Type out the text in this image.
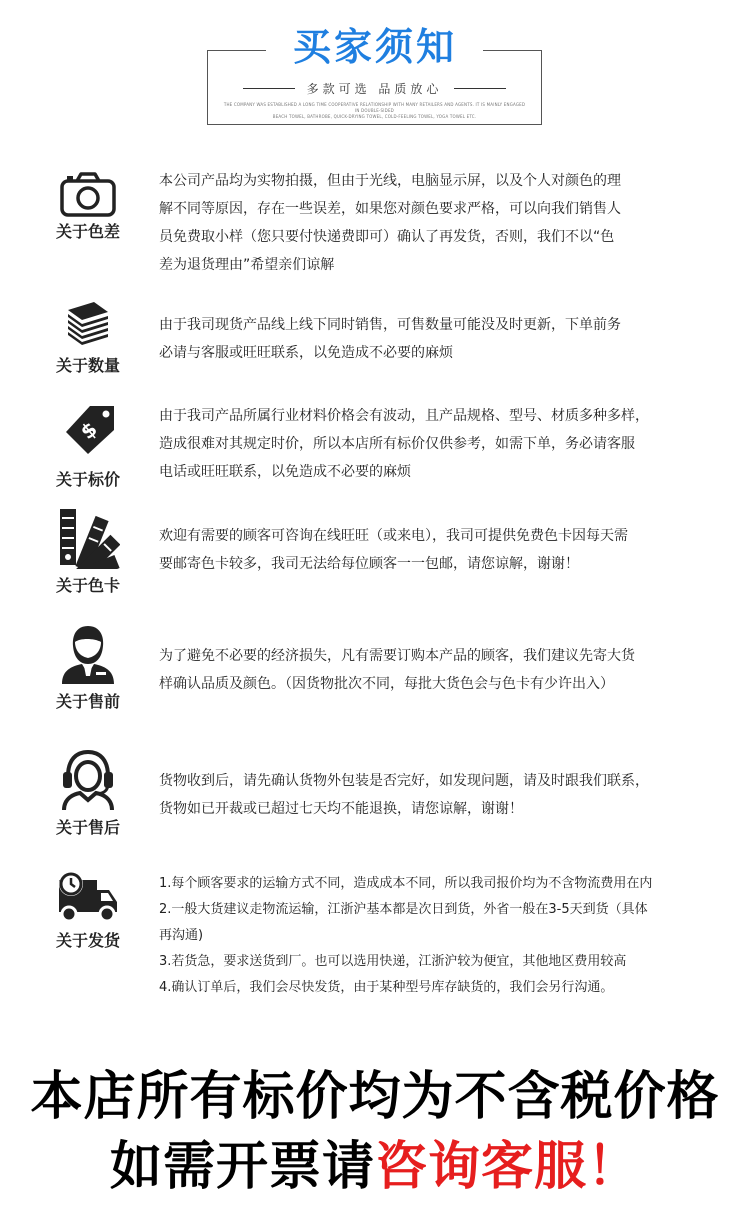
买家须知
多款可选 品质放心
THE COMPANY WAS ESTABLISHED A LONG TIME COOPERATIVE RELATIONSHIP WITH MANY RETAILERS AND AGENTS. IT IS MAINLY ENGAGED IN DOUBLE-SIDED
BEACH TOWEL, BATHROBE, QUICK-DRYING TOWEL, COLD-FEELING TOWEL, YOGA TOWEL ETC.
关于色差

本公司产品均为实物拍摄，但由于光线，电脑显示屏，以及个人对颜色的理

解不同等原因，存在一些误差，如果您对颜色要求严格，可以向我们销售人

员免费取小样（您只要付快递费即可）确认了再发货，否则，我们不以“色

差为退货理由”希望亲们谅解

关于数量

由于我司现货产品线上线下同时销售，可售数量可能没及时更新，下单前务

必请与客服或旺旺联系，以免造成不必要的麻烦

$
关于标价

由于我司产品所属行业材料价格会有波动，且产品规格、型号、材质多种多样，

造成很难对其规定时价，所以本店所有标价仅供参考，如需下单，务必请客服

电话或旺旺联系，以免造成不必要的麻烦

关于色卡

欢迎有需要的顾客可咨询在线旺旺（或来电），我司可提供免费色卡因每天需

要邮寄色卡较多，我司无法给每位顾客一一包邮，请您谅解，谢谢！

关于售前

为了避免不必要的经济损失，凡有需要订购本产品的顾客，我们建议先寄大货

样确认品质及颜色。（因货物批次不同，每批大货色会与色卡有少许出入）

关于售后

货物收到后，请先确认货物外包装是否完好，如发现问题，请及时跟我们联系，

货物如已开裁或已超过七天均不能退换，请您谅解，谢谢！

关于发货
1.每个顾客要求的运输方式不同，造成成本不同，所以我司报价均为不含物流费用在内
2.一般大货建议走物流运输，江浙沪基本都是次日到货，外省一般在3-5天到货（具体
再沟通)
3.若货急，要求送货到厂。也可以选用快递，江浙沪较为便宜，其他地区费用较高
4.确认订单后，我们会尽快发货，由于某种型号库存缺货的，我们会另行沟通。
本店所有标价均为不含税价格
如需开票请咨询客服！
